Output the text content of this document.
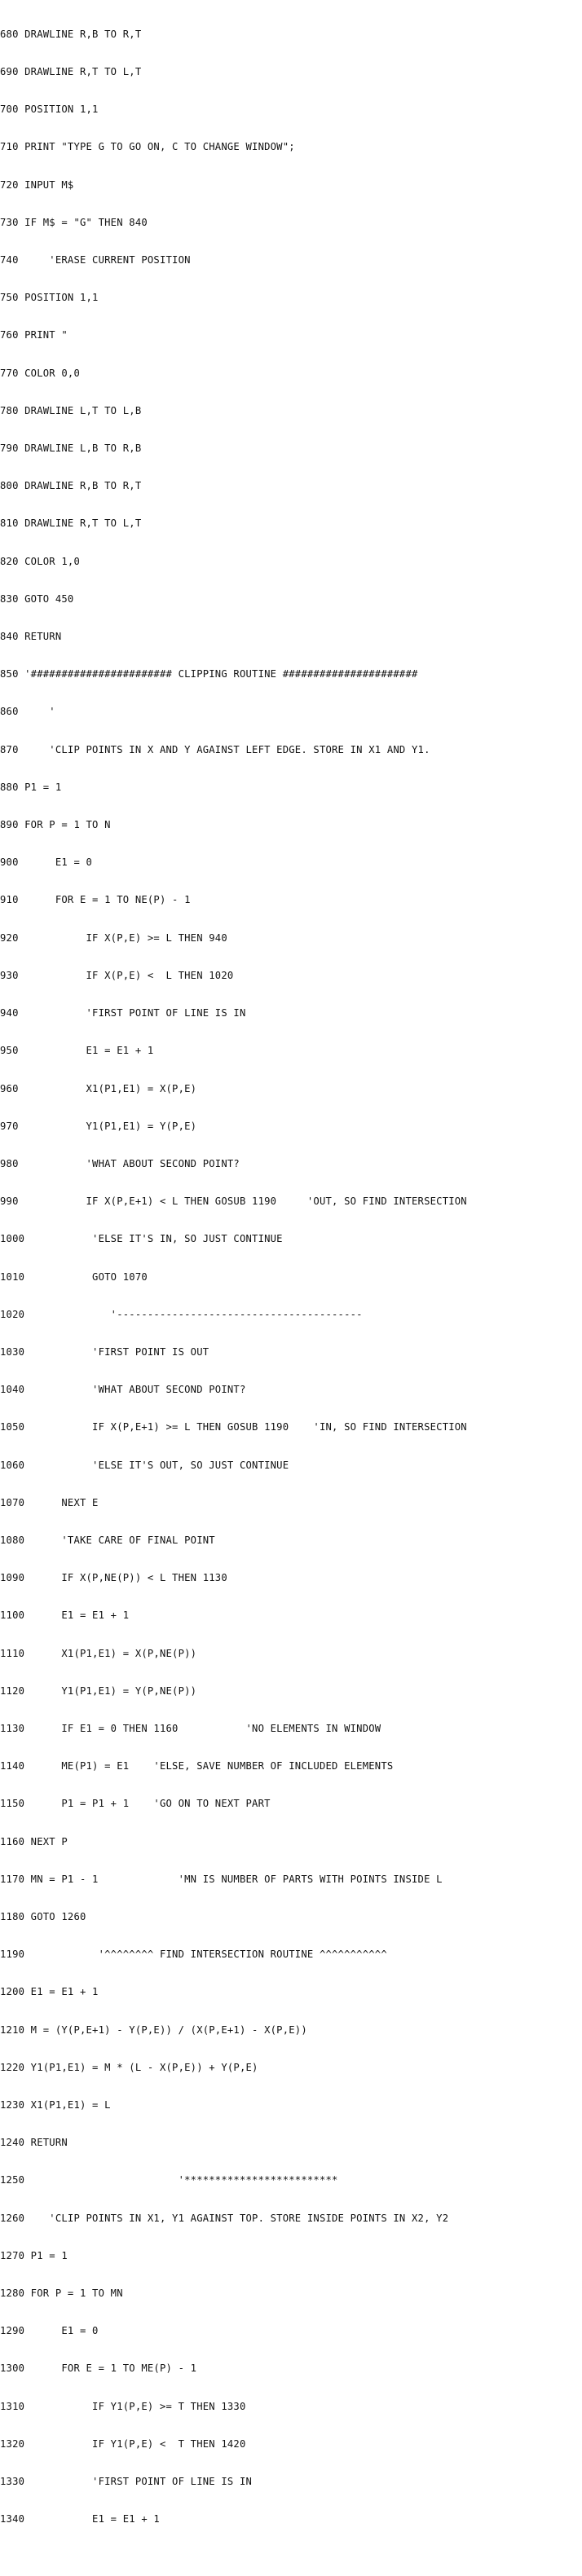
680 DRAWLINE R,B TO R,T

690 DRAWLINE R,T TO L,T

700 POSITION 1,1

710 PRINT "TYPE G TO GO ON, C TO CHANGE WINDOW";

720 INPUT M$

730 IF M$ = "G" THEN 840

740     'ERASE CURRENT POSITION

750 POSITION 1,1

760 PRINT "

770 COLOR 0,0

780 DRAWLINE L,T TO L,B

790 DRAWLINE L,B TO R,B

800 DRAWLINE R,B TO R,T

810 DRAWLINE R,T TO L,T

820 COLOR 1,0

830 GOTO 450

840 RETURN

850 '####################### CLIPPING ROUTINE ######################

860     '

870     'CLIP POINTS IN X AND Y AGAINST LEFT EDGE. STORE IN X1 AND Y1.

880 P1 = 1

890 FOR P = 1 TO N

900      E1 = 0

910      FOR E = 1 TO NE(P) - 1

920           IF X(P,E) >= L THEN 940

930           IF X(P,E) <  L THEN 1020

940           'FIRST POINT OF LINE IS IN

950           E1 = E1 + 1

960           X1(P1,E1) = X(P,E)

970           Y1(P1,E1) = Y(P,E)

980           'WHAT ABOUT SECOND POINT?

990           IF X(P,E+1) < L THEN GOSUB 1190     'OUT, SO FIND INTERSECTION

1000           'ELSE IT'S IN, SO JUST CONTINUE

1010           GOTO 1070

1020              '----------------------------------------

1030           'FIRST POINT IS OUT

1040           'WHAT ABOUT SECOND POINT?

1050           IF X(P,E+1) >= L THEN GOSUB 1190    'IN, SO FIND INTERSECTION

1060           'ELSE IT'S OUT, SO JUST CONTINUE

1070      NEXT E

1080      'TAKE CARE OF FINAL POINT

1090      IF X(P,NE(P)) < L THEN 1130

1100      E1 = E1 + 1

1110      X1(P1,E1) = X(P,NE(P))

1120      Y1(P1,E1) = Y(P,NE(P))

1130      IF E1 = 0 THEN 1160           'NO ELEMENTS IN WINDOW

1140      ME(P1) = E1    'ELSE, SAVE NUMBER OF INCLUDED ELEMENTS

1150      P1 = P1 + 1    'GO ON TO NEXT PART

1160 NEXT P

1170 MN = P1 - 1             'MN IS NUMBER OF PARTS WITH POINTS INSIDE L

1180 GOTO 1260

1190            '^^^^^^^^ FIND INTERSECTION ROUTINE ^^^^^^^^^^^

1200 E1 = E1 + 1

1210 M = (Y(P,E+1) - Y(P,E)) / (X(P,E+1) - X(P,E))

1220 Y1(P1,E1) = M * (L - X(P,E)) + Y(P,E)

1230 X1(P1,E1) = L

1240 RETURN

1250                         '*************************

1260    'CLIP POINTS IN X1, Y1 AGAINST TOP. STORE INSIDE POINTS IN X2, Y2

1270 P1 = 1

1280 FOR P = 1 TO MN

1290      E1 = 0

1300      FOR E = 1 TO ME(P) - 1

1310           IF Y1(P,E) >= T THEN 1330

1320           IF Y1(P,E) <  T THEN 1420

1330           'FIRST POINT OF LINE IS IN

1340           E1 = E1 + 1
